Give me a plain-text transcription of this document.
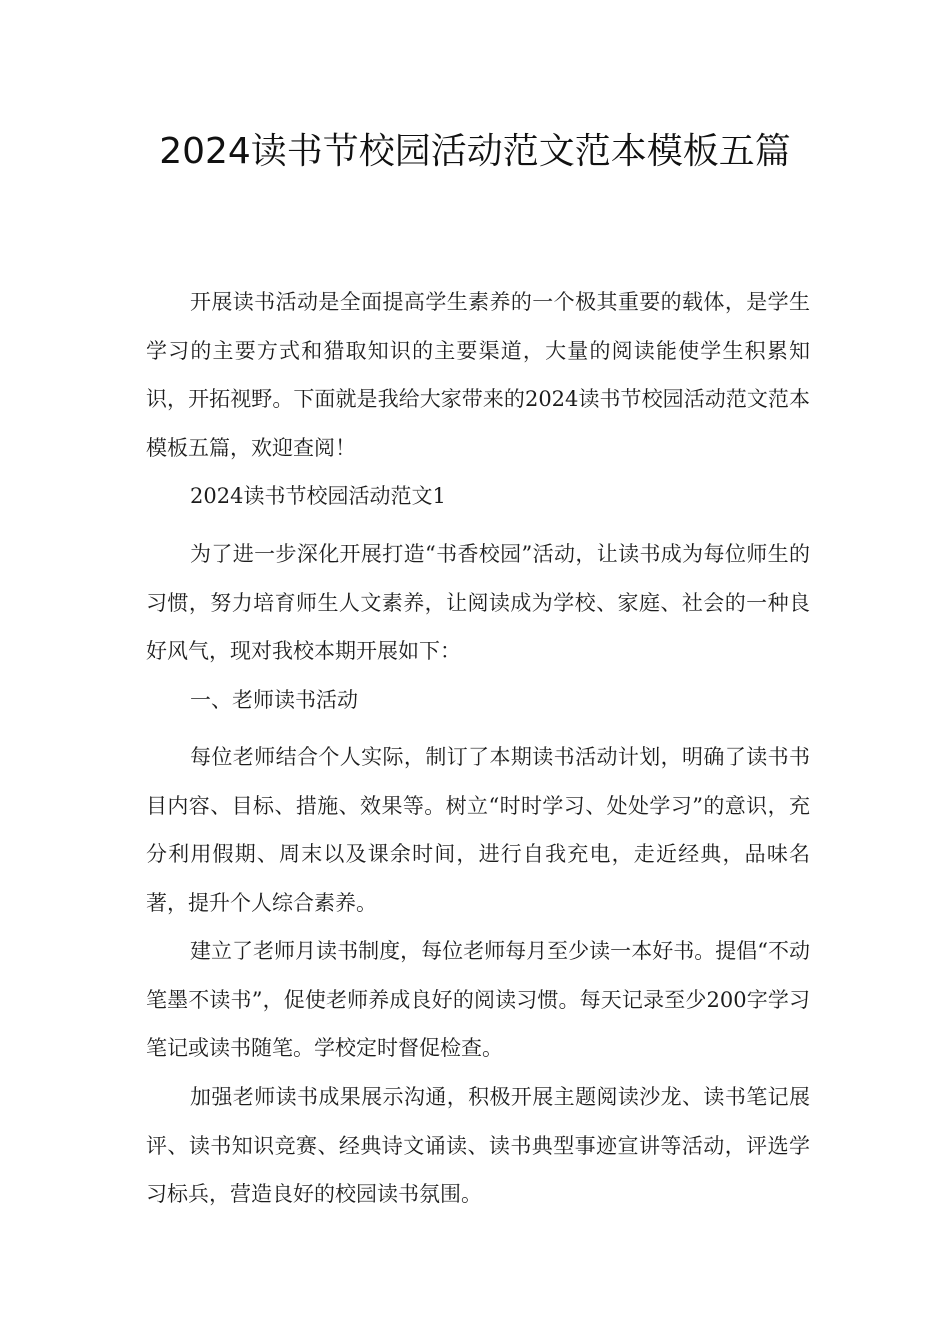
2024读书节校园活动范文范本模板五篇

开展读书活动是全面提高学生素养的一个极其重要的载体，是学生学习的主要方式和猎取知识的主要渠道，大量的阅读能使学生积累知识，开拓视野。下面就是我给大家带来的2024读书节校园活动范文范本模板五篇，欢迎查阅！

2024读书节校园活动范文1

为了进一步深化开展打造“书香校园”活动，让读书成为每位师生的习惯，努力培育师生人文素养，让阅读成为学校、家庭、社会的一种良好风气，现对我校本期开展如下：

一、老师读书活动

每位老师结合个人实际，制订了本期读书活动计划，明确了读书书目内容、目标、措施、效果等。树立“时时学习、处处学习”的意识，充分利用假期、周末以及课余时间，进行自我充电，走近经典，品味名著，提升个人综合素养。

建立了老师月读书制度，每位老师每月至少读一本好书。提倡“不动笔墨不读书”，促使老师养成良好的阅读习惯。每天记录至少200字学习笔记或读书随笔。学校定时督促检查。

加强老师读书成果展示沟通，积极开展主题阅读沙龙、读书笔记展评、读书知识竞赛、经典诗文诵读、读书典型事迹宣讲等活动，评选学习标兵，营造良好的校园读书氛围。
